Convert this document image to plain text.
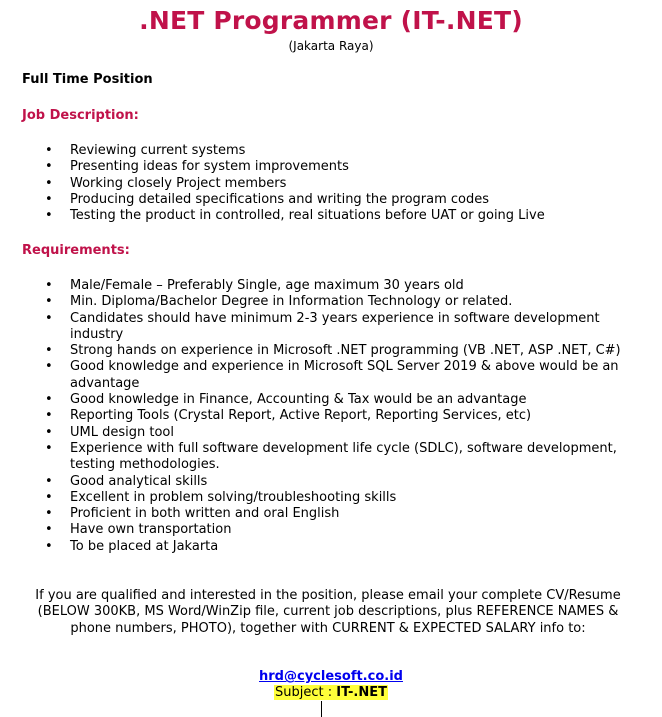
.NET Programmer (IT-.NET)
(Jakarta Raya)
Full Time Position
Job Description:
• Reviewing current systems
• Presenting ideas for system improvements
• Working closely Project members
• Producing detailed specifications and writing the program codes
• Testing the product in controlled, real situations before UAT or going Live
Requirements:
• Male/Female – Preferably Single, age maximum 30 years old
• Min. Diploma/Bachelor Degree in Information Technology or related.
• Candidates should have minimum 2-3 years experience in software development industry
• Strong hands on experience in Microsoft .NET programming (VB .NET, ASP .NET, C#)
• Good knowledge and experience in Microsoft SQL Server 2019 & above would be an advantage
• Good knowledge in Finance, Accounting & Tax would be an advantage
• Reporting Tools (Crystal Report, Active Report, Reporting Services, etc)
• UML design tool
• Experience with full software development life cycle (SDLC), software development, testing methodologies.
• Good analytical skills
• Excellent in problem solving/troubleshooting skills
• Proficient in both written and oral English
• Have own transportation
• To be placed at Jakarta
If you are qualified and interested in the position, please email your complete CV/Resume (BELOW 300KB, MS Word/WinZip file, current job descriptions, plus REFERENCE NAMES & phone numbers, PHOTO), together with CURRENT & EXPECTED SALARY info to:
hrd@cyclesoft.co.id
Subject : IT-.NET
